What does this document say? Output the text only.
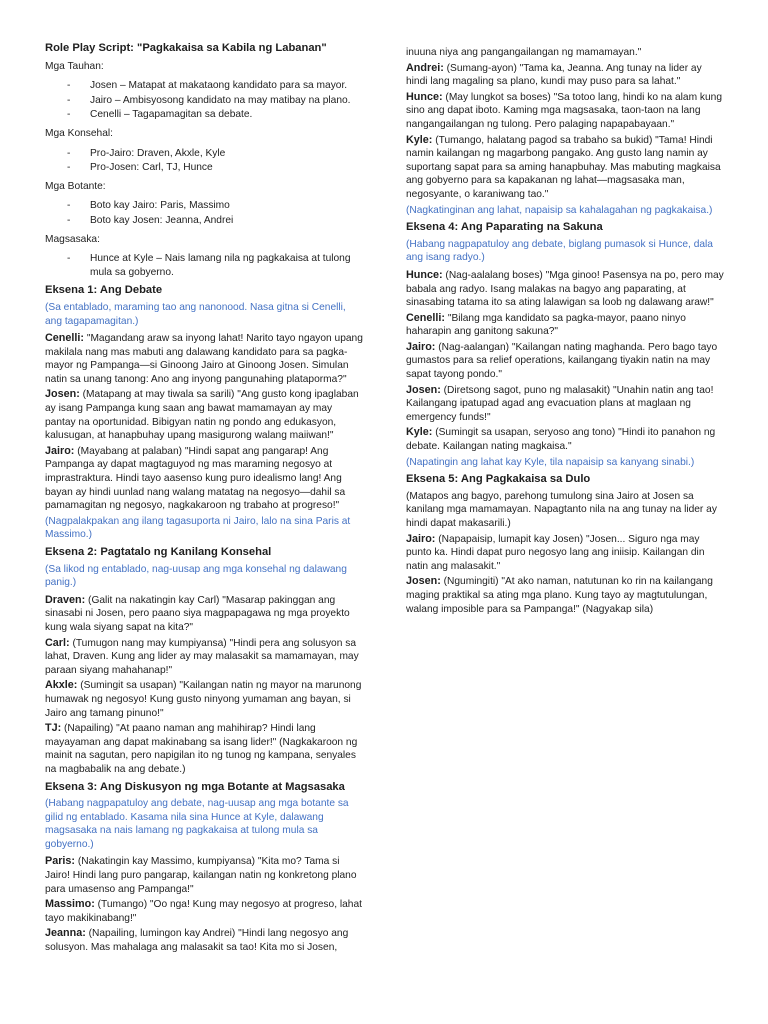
Role Play Script: "Pagkakaisa sa Kabila ng Labanan"
Mga Tauhan:
- Josen – Matapat at makataong kandidato para sa mayor.
- Jairo – Ambisyosong kandidato na may matibay na plano.
- Cenelli – Tagapamagitan sa debate.
Mga Konsehal:
- Pro-Jairo: Draven, Akxle, Kyle
- Pro-Josen: Carl, TJ, Hunce
Mga Botante:
- Boto kay Jairo: Paris, Massimo
- Boto kay Josen: Jeanna, Andrei
Magsasaka:
- Hunce at Kyle – Nais lamang nila ng pagkakaisa at tulong mula sa gobyerno.
Eksena 1: Ang Debate
(Sa entablado, maraming tao ang nanonood. Nasa gitna si Cenelli, ang tagapamagitan.)

Cenelli: "Magandang araw sa inyong lahat! Narito tayo ngayon upang makilala nang mas mabuti ang dalawang kandidato para sa pagka-mayor ng Pampanga—si Ginoong Jairo at Ginoong Josen. Simulan natin sa unang tanong: Ano ang inyong pangunahing plataporma?"

Josen: (Matapang at may tiwala sa sarili) "Ang gusto kong ipaglaban ay isang Pampanga kung saan ang bawat mamamayan ay may pantay na oportunidad. Bibigyan natin ng pondo ang edukasyon, kalusugan, at hanapbuhay upang masigurong walang maiiwan!"

Jairo: (Mayabang at palaban) "Hindi sapat ang pangarap! Ang Pampanga ay dapat magtaguyod ng mas maraming negosyo at imprastraktura. Hindi tayo aasenso kung puro idealismo lang! Ang bayan ay hindi uunlad nang walang matatag na negosyo—dahil sa pamamagitan ng negosyo, nagkakaroon ng trabaho at progreso!"

(Nagpalakpakan ang ilang tagasuporta ni Jairo, lalo na sina Paris at Massimo.)
Eksena 2: Pagtatalo ng Kanilang Konsehal
(Sa likod ng entablado, nag-uusap ang mga konsehal ng dalawang panig.)

Draven: (Galit na nakatingin kay Carl) "Masarap pakinggan ang sinasabi ni Josen, pero paano siya magpapagawa ng mga proyekto kung wala siyang sapat na kita?"

Carl: (Tumugon nang may kumpiyansa) "Hindi pera ang solusyon sa lahat, Draven. Kung ang lider ay may malasakit sa mamamayan, may paraan siyang mahahanap!"

Akxle: (Sumingit sa usapan) "Kailangan natin ng mayor na marunong humawak ng negosyo! Kung gusto ninyong yumaman ang bayan, si Jairo ang tamang pinuno!"

TJ: (Napailing) "At paano naman ang mahihirap? Hindi lang mayayaman ang dapat makinabang sa isang lider!" (Nagkakaroon ng mainit na sagutan, pero napigilan ito ng tunog ng kampana, senyales na magbabalik na ang debate.)

Eksena 3: Ang Diskusyon ng mga Botante at Magsasaka
(Habang nagpapatuloy ang debate, nag-uusap ang mga botante sa gilid ng entablado. Kasama nila sina Hunce at Kyle, dalawang magsasaka na nais lamang ng pagkakaisa at tulong mula sa gobyerno.)

Paris: (Nakatingin kay Massimo, kumpiyansa) "Kita mo? Tama si Jairo! Hindi lang puro pangarap, kailangan natin ng konkretong plano para umasenso ang Pampanga!"

Massimo: (Tumango) "Oo nga! Kung may negosyo at progreso, lahat tayo makikinabang!"

Jeanna: (Napailing, lumingon kay Andrei) "Hindi lang negosyo ang solusyon. Mas mahalaga ang malasakit sa tao! Kita mo si Josen,

inuuna niya ang pangangailangan ng mamamayan."

Andrei: (Sumang-ayon) "Tama ka, Jeanna. Ang tunay na lider ay hindi lang magaling sa plano, kundi may puso para sa lahat."

Hunce: (May lungkot sa boses) "Sa totoo lang, hindi ko na alam kung sino ang dapat iboto. Kaming mga magsasaka, taon-taon na lang nangangailangan ng tulong. Pero palaging napapabayaan."

Kyle: (Tumango, halatang pagod sa trabaho sa bukid) "Tama! Hindi namin kailangan ng magarbong pangako. Ang gusto lang namin ay suportang sapat para sa aming hanapbuhay. Mas mabuting magkaisa ang gobyerno para sa kapakanan ng lahat—magsasaka man, negosyante, o karaniwang tao."

(Nagkatinginan ang lahat, napaisip sa kahalagahan ng pagkakaisa.)
Eksena 4: Ang Paparating na Sakuna
(Habang nagpapatuloy ang debate, biglang pumasok si Hunce, dala ang isang radyo.)

Hunce: (Nag-aalalang boses) "Mga ginoo! Pasensya na po, pero may babala ang radyo. Isang malakas na bagyo ang paparating, at sinasabing tatama ito sa ating lalawigan sa loob ng dalawang araw!"

Cenelli: "Bilang mga kandidato sa pagka-mayor, paano ninyo haharapin ang ganitong sakuna?"

Jairo: (Nag-aalangan) "Kailangan nating maghanda. Pero bago tayo gumastos para sa relief operations, kailangang tiyakin natin na may sapat tayong pondo."

Josen: (Diretsong sagot, puno ng malasakit) "Unahin natin ang tao! Kailangang ipatupad agad ang evacuation plans at maglaan ng emergency funds!"

Kyle: (Sumingit sa usapan, seryoso ang tono) "Hindi ito panahon ng debate. Kailangan nating magkaisa."

(Napatingin ang lahat kay Kyle, tila napaisip sa kanyang sinabi.)
Eksena 5: Ang Pagkakaisa sa Dulo

(Matapos ang bagyo, parehong tumulong sina Jairo at Josen sa kanilang mga mamamayan. Napagtanto nila na ang tunay na lider ay hindi dapat makasarili.)

Jairo: (Napapaisip, lumapit kay Josen) "Josen... Siguro nga may punto ka. Hindi dapat puro negosyo lang ang iniisip. Kailangan din natin ang malasakit."

Josen: (Ngumingiti) "At ako naman, natutunan ko rin na kailangang maging praktikal sa ating mga plano. Kung tayo ay magtutulungan, walang imposible para sa Pampanga!" (Nagyakap sila)
